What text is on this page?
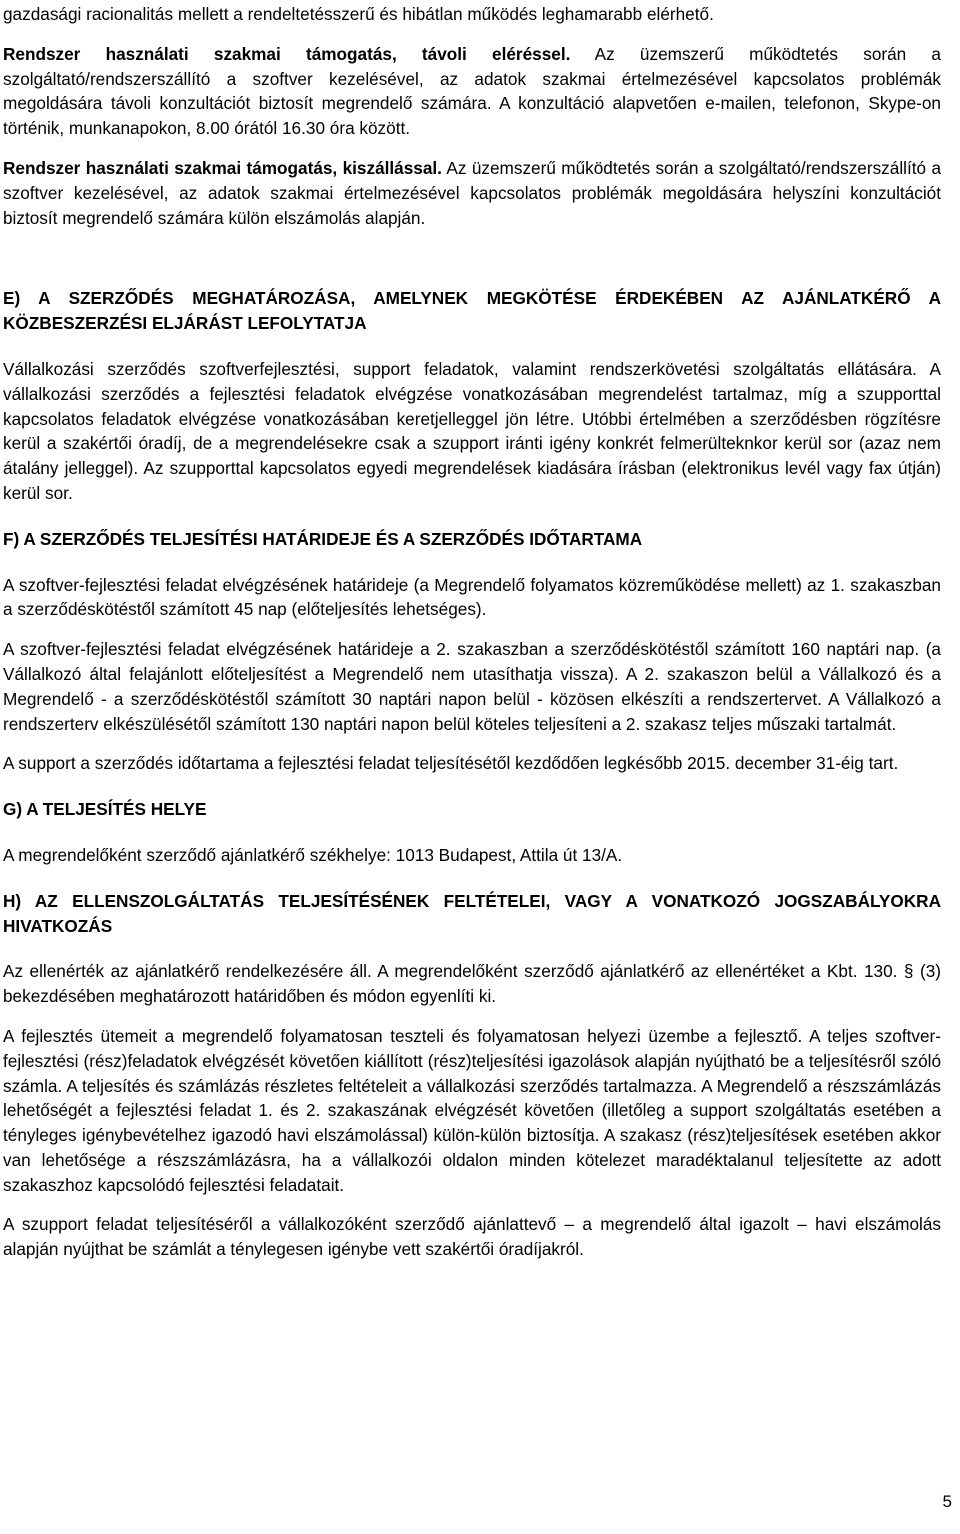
gazdasági racionalitás mellett a rendeltetésszerű és hibátlan működés leghamarabb elérhető.

Rendszer használati szakmai támogatás, távoli eléréssel. Az üzemszerű működtetés során a szolgáltató/rendszerszállító a szoftver kezelésével, az adatok szakmai értelmezésével kapcsolatos problémák megoldására távoli konzultációt biztosít megrendelő számára. A konzultáció alapvetően e-mailen, telefonon, Skype-on történik, munkanapokon, 8.00 órától 16.30 óra között.

Rendszer használati szakmai támogatás, kiszállással. Az üzemszerű működtetés során a szolgáltató/rendszerszállító a szoftver kezelésével, az adatok szakmai értelmezésével kapcsolatos problémák megoldására helyszíni konzultációt biztosít megrendelő számára külön elszámolás alapján.

E) A SZERZŐDÉS MEGHATÁROZÁSA, AMELYNEK MEGKÖTÉSE ÉRDEKÉBEN AZ AJÁNLATKÉRŐ A KÖZBESZERZÉSI ELJÁRÁST LEFOLYTATJA

Vállalkozási szerződés szoftverfejlesztési, support feladatok, valamint rendszerkövetési szolgáltatás ellátására. A vállalkozási szerződés a fejlesztési feladatok elvégzése vonatkozásában megrendelést tartalmaz, míg a szupporttal kapcsolatos feladatok elvégzése vonatkozásában keretjelleggel jön létre. Utóbbi értelmében a szerződésben rögzítésre kerül a szakértői óradíj, de a megrendelésekre csak a szupport iránti igény konkrét felmerülteknkor kerül sor (azaz nem átalány jelleggel). Az szupporttal kapcsolatos egyedi megrendelések kiadására írásban (elektronikus levél vagy fax útján) kerül sor.

F) A SZERZŐDÉS TELJESÍTÉSI HATÁRIDEJE ÉS A SZERZŐDÉS IDŐTARTAMA

A szoftver-fejlesztési feladat elvégzésének határideje (a Megrendelő folyamatos közreműködése mellett) az 1. szakaszban a szerződéskötéstől számított 45 nap (előteljesítés lehetséges).

A szoftver-fejlesztési feladat elvégzésének határideje a 2. szakaszban a szerződéskötéstől számított 160 naptári nap. (a Vállalkozó által felajánlott előteljesítést a Megrendelő nem utasíthatja vissza). A 2. szakaszon belül a Vállalkozó és a Megrendelő - a szerződéskötéstől számított 30 naptári napon belül - közösen elkészíti a rendszertervet. A Vállalkozó a rendszerterv elkészülésétől számított 130 naptári napon belül köteles teljesíteni a 2. szakasz teljes műszaki tartalmát.

A support a szerződés időtartama a fejlesztési feladat teljesítésétől kezdődően legkésőbb 2015. december 31-éig tart.

G) A TELJESÍTÉS HELYE

A megrendelőként szerződő ajánlatkérő székhelye: 1013 Budapest, Attila út 13/A.

H) AZ ELLENSZOLGÁLTATÁS TELJESÍTÉSÉNEK FELTÉTELEI, VAGY A VONATKOZÓ JOGSZABÁLYOKRA HIVATKOZÁS

Az ellenérték az ajánlatkérő rendelkezésére áll. A megrendelőként szerződő ajánlatkérő az ellenértéket a Kbt. 130. § (3) bekezdésében meghatározott határidőben és módon egyenlíti ki.

A fejlesztés ütemeit a megrendelő folyamatosan teszteli és folyamatosan helyezi üzembe a fejlesztő. A teljes szoftver-fejlesztési (rész)feladatok elvégzését követően kiállított (rész)teljesítési igazolások alapján nyújtható be a teljesítésről szóló számla. A teljesítés és számlázás részletes feltételeit a vállalkozási szerződés tartalmazza. A Megrendelő a részszámlázás lehetőségét a fejlesztési feladat 1. és 2. szakaszának elvégzését követően (illetőleg a support szolgáltatás esetében a tényleges igénybevételhez igazodó havi elszámolással) külön-külön biztosítja. A szakasz (rész)teljesítések esetében akkor van lehetősége a részszámlázásra, ha a vállalkozói oldalon minden kötelezet maradéktalanul teljesítette az adott szakaszhoz kapcsolódó fejlesztési feladatait.

A szupport feladat teljesítéséről a vállalkozóként szerződő ajánlattevő – a megrendelő által igazolt – havi elszámolás alapján nyújthat be számlát a ténylegesen igénybe vett szakértői óradíjakról.

5
